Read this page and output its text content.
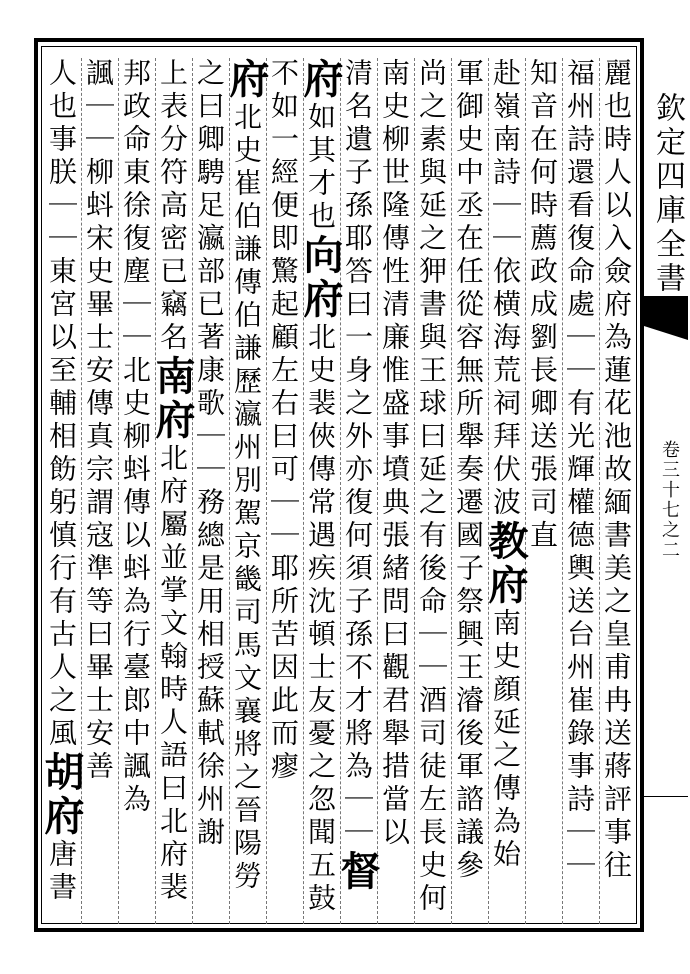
欽定四庫全書
卷三十七之二
麗也時人以入僉府為蓮花池故緬書美之皇甫冉送蔣評事往
福州詩還看復命處｜｜有光輝權德輿送台州崔錄事詩｜｜
知音在何時薦政成劉長卿送張司直
赴嶺南詩｜｜依横海荒祠拜伏波教府南史顔延之傳為始
軍御史中丞在任從容無所舉奏遷國子祭興王濬後軍諮議參
尚之素與延之狎書與王球曰延之有後命｜｜酒司徒左長史何
南史柳世隆傳性清廉惟盛事墳典張緒問曰觀君舉措當以
清名遺子孫耶答曰一身之外亦復何須子孫不才將為｜｜督
府如其才也向府北史裴俠傳常遇疾沈頓士友憂之忽聞五鼓
不如一經便即驚起顧左右曰可｜｜耶所苦因此而瘳
府北史崔伯謙傳伯謙歷瀛州別駕京畿司馬文襄將之晉陽勞
之曰卿騁足瀛部已著康歌｜｜務總是用相授蘇軾徐州謝
上表分符高密已竊名南府北府屬並掌文翰時人語曰北府裴
邦政命東徐復塵｜｜北史柳蚪傳以蚪為行臺郎中諷為
諷｜｜柳蚪宋史畢士安傳真宗謂寇準等曰畢士安善
人也事朕｜｜東宮以至輔相飭躬慎行有古人之風胡府唐書
